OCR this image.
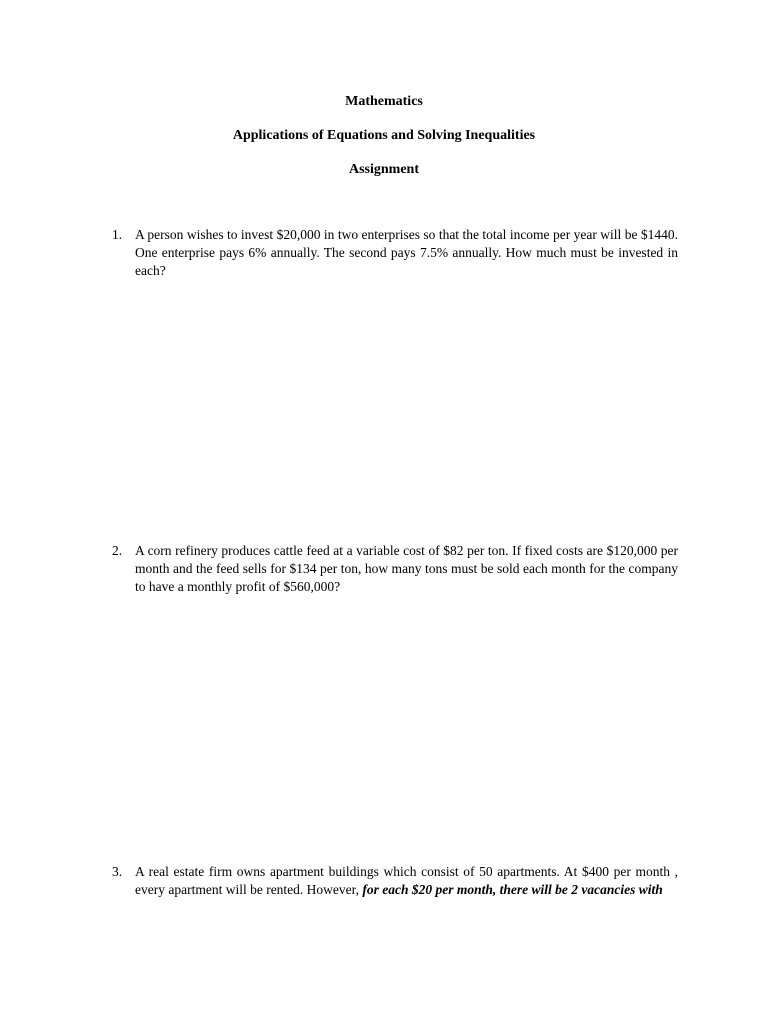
Mathematics
Applications of Equations and Solving Inequalities
Assignment
1. A person wishes to invest $20,000 in two enterprises so that the total income per year will be $1440. One enterprise pays 6% annually. The second pays 7.5% annually. How much must be invested in each?
2. A corn refinery produces cattle feed at a variable cost of $82 per ton. If fixed costs are $120,000 per month and the feed sells for $134 per ton, how many tons must be sold each month for the company to have a monthly profit of $560,000?
3. A real estate firm owns apartment buildings which consist of 50 apartments. At $400 per month , every apartment will be rented. However, for each $20 per month, there will be 2 vacancies with
